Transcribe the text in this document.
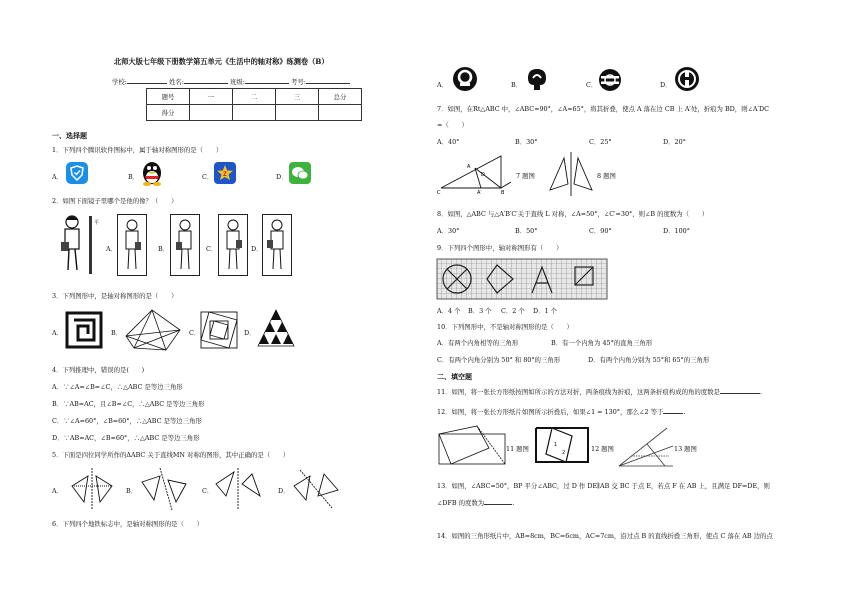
北师大版七年级下册数学第五单元《生活中的轴对称》练测卷（B）
学校:	姓名:	班级:	考号:
题号	一	二	三	总分
得分				
一、选择题
1．下列四个腾讯软件图标中，属于轴对称图形的是（　　）
A．	B．	C． Z	D．
2．如图下面镜子里哪个是他的像？（　　）
平
A．	B．	C．	D．
3．下列图形中，是轴对称图形的是（　　）
A．	B．	C．	D．
4．下列推理中，错误的是(　　)
A．∵∠A=∠B=∠C，∴△ABC 是等边三角形
B．∵AB=AC，且∠B=∠C，∴△ABC 是等边三角形
C．∵∠A=60°，∠B=60°，∴△ABC 是等边三角形
D．∵AB=AC，∠B=60°，∴△ABC 是等边三角形
5．下面是四位同学所作的ΔABC 关于直线MN 对称的图形，其中正确的是（　　）
A．	B．	C．	D．
6．下列四个地铁标志中，是轴对称图形的是（　　）
A．	B．	C．	D．
7．如图，在Rt△ABC 中，∠ABC=90°，∠A=65°，将其折叠，使点 A 落在边 CB 上 A′处，折痕为 BD，则∠A′DC
=（　　）
A．40°	B．30°	C．25°	D．20°
C	A′	B
A
D	7 题图	8 题图
8．如图，△ABC 与△A′B′C′关于直线 L 对称，∠A=50°，∠C′=30°，则∠B 的度数为（　　）
A．30°	B．50°	C．90°	D．100°
9．下列四个图形中，轴对称图形有（　　）
A．4 个 B．3 个 C．2 个 D．1 个
10．下列图形中，不是轴对称图形的是（　　）
A．有两个内角相等的三角形	B．有一个内角为 45°的直角三角形
C．有两个内角分别为 50° 和 80°的三角形	D．有两个内角分别为 55°和 65°的三角形
二、填空题
11．如图，将一张长方形纸按图如所示的方法对折，两条痕线为折痕，这两条折痕构成的角的度数是	.
12．如图，将一张长方形纸片如图所示折叠后，如果∠1 = 130°，那么∠2 等于	.
11 题图	1
2	12 题图	13 题图
13．如图，∠ABC=50°，BP 平分∠ABC，过 D 作 DE∥AB 交 BC 于点 E，若点 F 在 AB 上，且满足 DF=DE，则
∠DFB 的度数为	.
14．如图的三角形纸片中，AB=8cm，BC=6cm，AC=7cm，沿过点 B 的直线折叠三角形，使点 C 落在 AB 边的点
